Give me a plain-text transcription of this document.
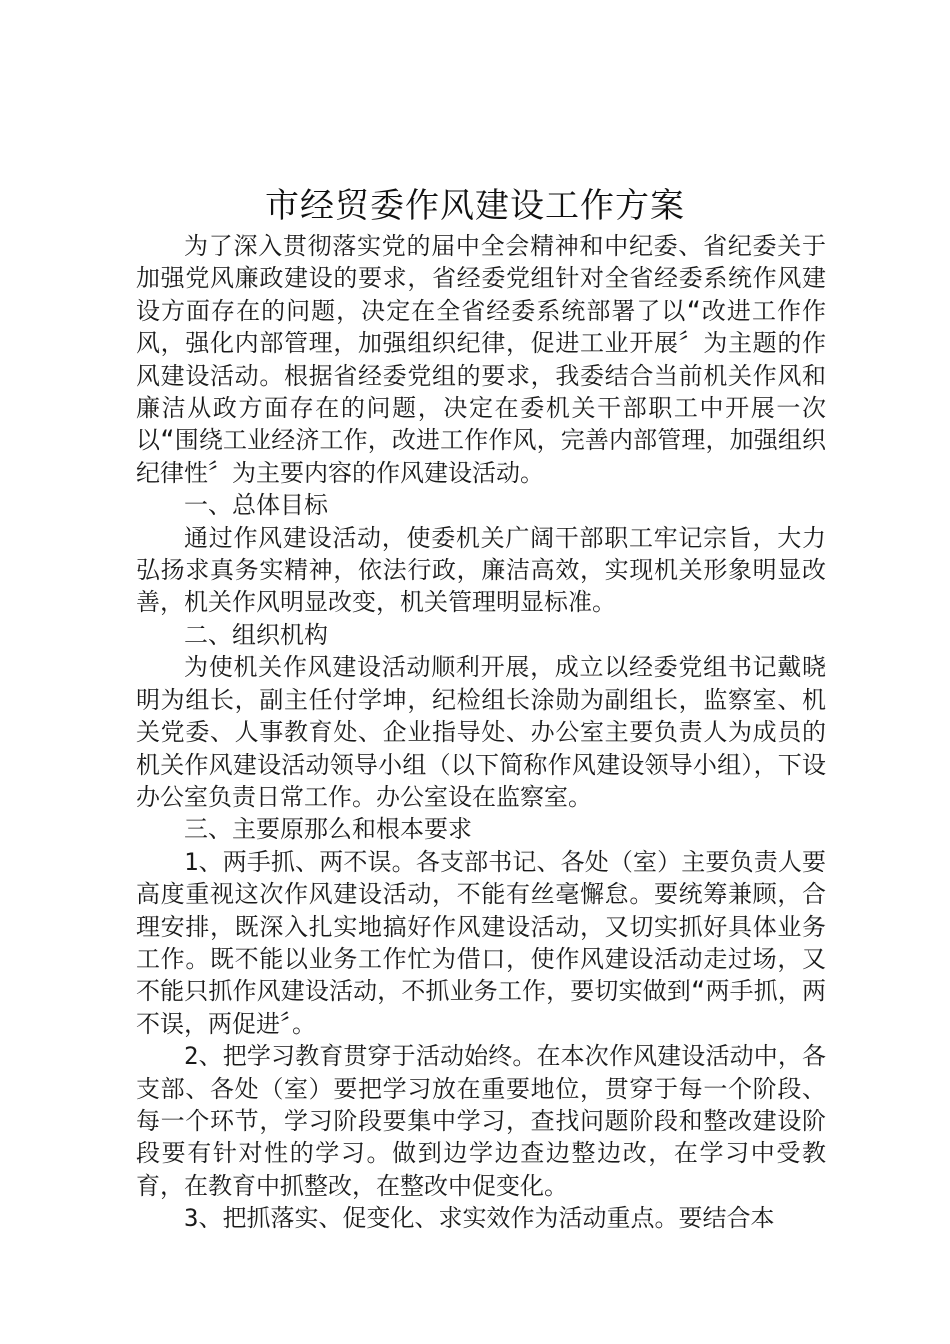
市经贸委作风建设工作方案

为了深入贯彻落实党的届中全会精神和中纪委、省纪委关于加强党风廉政建设的要求，省经委党组针对全省经委系统作风建设方面存在的问题，决定在全省经委系统部署了以“改进工作作风，强化内部管理，加强组织纪律，促进工业开展〞为主题的作风建设活动。根据省经委党组的要求，我委结合当前机关作风和廉洁从政方面存在的问题，决定在委机关干部职工中开展一次以“围绕工业经济工作，改进工作作风，完善内部管理，加强组织纪律性〞为主要内容的作风建设活动。

一、总体目标

通过作风建设活动，使委机关广阔干部职工牢记宗旨，大力弘扬求真务实精神，依法行政，廉洁高效，实现机关形象明显改善，机关作风明显改变，机关管理明显标准。

二、组织机构

为使机关作风建设活动顺利开展，成立以经委党组书记戴晓明为组长，副主任付学坤，纪检组长涂勋为副组长，监察室、机关党委、人事教育处、企业指导处、办公室主要负责人为成员的机关作风建设活动领导小组（以下简称作风建设领导小组），下设办公室负责日常工作。办公室设在监察室。

三、主要原那么和根本要求

1、两手抓、两不误。各支部书记、各处（室）主要负责人要高度重视这次作风建设活动，不能有丝毫懈怠。要统筹兼顾，合理安排，既深入扎实地搞好作风建设活动，又切实抓好具体业务工作。既不能以业务工作忙为借口，使作风建设活动走过场，又不能只抓作风建设活动，不抓业务工作，要切实做到“两手抓，两不误，两促进〞。

2、把学习教育贯穿于活动始终。在本次作风建设活动中，各支部、各处（室）要把学习放在重要地位，贯穿于每一个阶段、每一个环节，学习阶段要集中学习，查找问题阶段和整改建设阶段要有针对性的学习。做到边学边查边整边改，在学习中受教育，在教育中抓整改，在整改中促变化。

3、把抓落实、促变化、求实效作为活动重点。要结合本
